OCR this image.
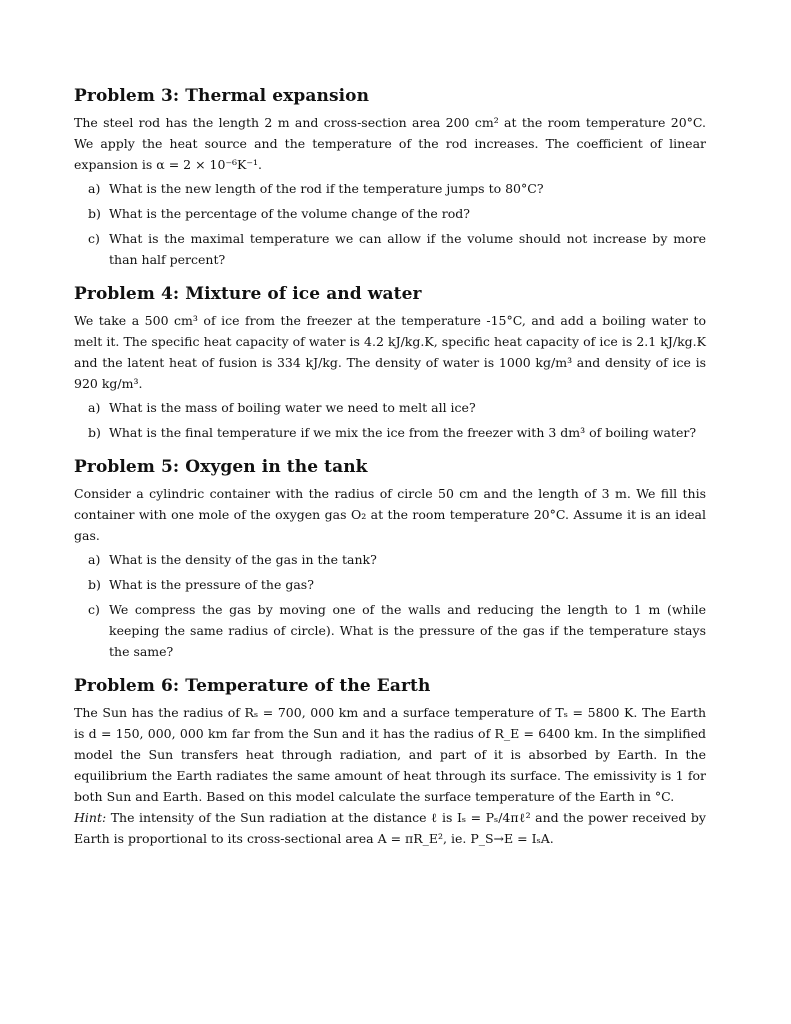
Problem 3: Thermal expansion

The steel rod has the length 2 m and cross-section area 200 cm² at the room temperature 20°C. We apply the heat source and the temperature of the rod increases. The coefficient of linear expansion is α = 2 × 10⁻⁶K⁻¹.

a) What is the new length of the rod if the temperature jumps to 80°C?
b) What is the percentage of the volume change of the rod?
c) What is the maximal temperature we can allow if the volume should not increase by more than half percent?
Problem 4: Mixture of ice and water

We take a 500 cm³ of ice from the freezer at the temperature -15°C, and add a boiling water to melt it. The specific heat capacity of water is 4.2 kJ/kg.K, specific heat capacity of ice is 2.1 kJ/kg.K and the latent heat of fusion is 334 kJ/kg. The density of water is 1000 kg/m³ and density of ice is 920 kg/m³.

a) What is the mass of boiling water we need to melt all ice?
b) What is the final temperature if we mix the ice from the freezer with 3 dm³ of boiling water?
Problem 5: Oxygen in the tank

Consider a cylindric container with the radius of circle 50 cm and the length of 3 m. We fill this container with one mole of the oxygen gas O₂ at the room temperature 20°C. Assume it is an ideal gas.

a) What is the density of the gas in the tank?
b) What is the pressure of the gas?
c) We compress the gas by moving one of the walls and reducing the length to 1 m (while keeping the same radius of circle). What is the pressure of the gas if the temperature stays the same?
Problem 6: Temperature of the Earth

The Sun has the radius of Rₛ = 700, 000 km and a surface temperature of Tₛ = 5800 K. The Earth is d = 150, 000, 000 km far from the Sun and it has the radius of R_E = 6400 km. In the simplified model the Sun transfers heat through radiation, and part of it is absorbed by Earth. In the equilibrium the Earth radiates the same amount of heat through its surface. The emissivity is 1 for both Sun and Earth. Based on this model calculate the surface temperature of the Earth in °C.

Hint: The intensity of the Sun radiation at the distance ℓ is Iₛ = Pₛ/4πℓ² and the power received by Earth is proportional to its cross-sectional area A = πR_E², ie. P_S→E = IₛA.
